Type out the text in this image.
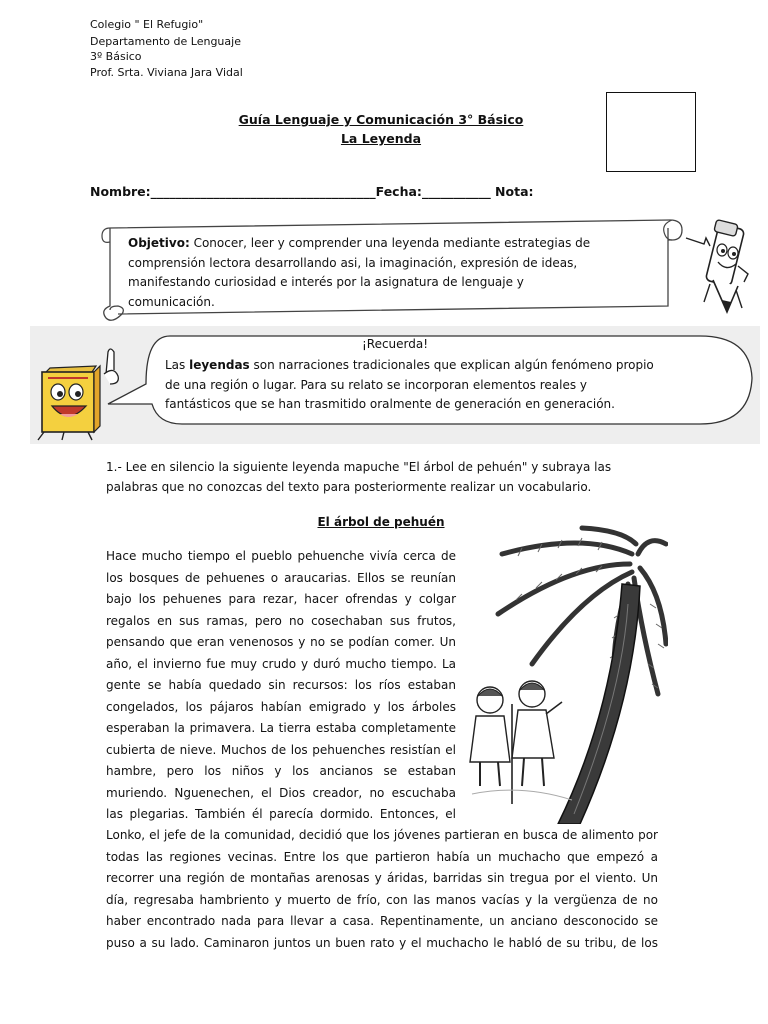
Colegio " El Refugio"
Departamento de Lenguaje
3º Básico
Prof. Srta. Viviana Jara Vidal
Guía Lenguaje y Comunicación 3° Básico
La Leyenda
Nombre:____________________________________Fecha:___________ Nota:
Objetivo: Conocer, leer y comprender una leyenda mediante estrategias de
comprensión lectora desarrollando asi, la imaginación, expresión de ideas,
manifestando curiosidad e interés por la asignatura de lenguaje y comunicación.
¡Recuerda!
Las leyendas son narraciones tradicionales que explican algún fenómeno propio
de una región o lugar. Para su relato se incorporan elementos reales y
fantásticos que se han trasmitido oralmente de generación en generación.
1.- Lee en silencio la siguiente leyenda mapuche "El árbol de pehuén" y subraya las
palabras que no conozcas del texto para posteriormente realizar un vocabulario.
El árbol de pehuén
Hace mucho tiempo el pueblo pehuenche vivía cerca de
los bosques de pehuenes o araucarias. Ellos se reunían
bajo los pehuenes para rezar, hacer ofrendas y colgar
regalos en sus ramas, pero no cosechaban sus frutos,
pensando que eran venenosos y no se podían comer. Un
año, el invierno fue muy crudo y duró mucho tiempo. La
gente se había quedado sin recursos: los ríos estaban
congelados, los pájaros habían emigrado y los árboles
esperaban la primavera. La tierra estaba completamente
cubierta de nieve. Muchos de los pehuenches resistían el
hambre, pero los niños y los ancianos se estaban
muriendo. Nguenechen, el Dios creador, no escuchaba
las plegarias. También él parecía dormido. Entonces, el
Lonko, el jefe de la comunidad, decidió que los jóvenes partieran en busca de alimento por
todas las regiones vecinas. Entre los que partieron había un muchacho que empezó a
recorrer una región de montañas arenosas y áridas, barridas sin tregua por el viento. Un
día, regresaba hambriento y muerto de frío, con las manos vacías y la vergüenza de no
haber encontrado nada para llevar a casa. Repentinamente, un anciano desconocido se
puso a su lado. Caminaron juntos un buen rato y el muchacho le habló de su tribu, de los
